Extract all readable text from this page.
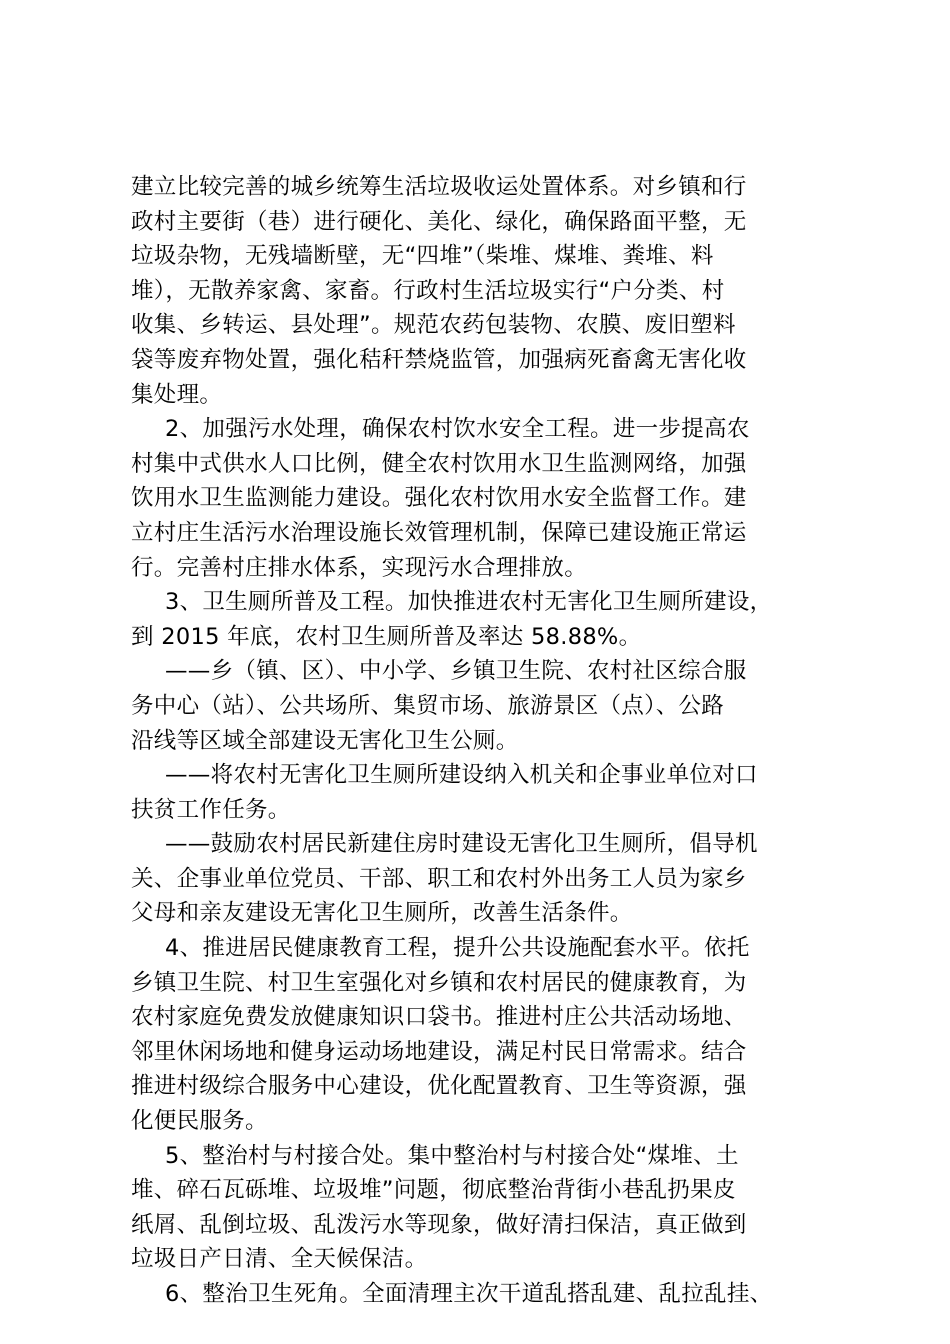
建立比较完善的城乡统筹生活垃圾收运处置体系。对乡镇和行
政村主要街（巷）进行硬化、美化、绿化，确保路面平整，无
垃圾杂物，无残墙断壁，无“四堆”（柴堆、煤堆、粪堆、料
堆），无散养家禽、家畜。行政村生活垃圾实行“户分类、村
收集、乡转运、县处理”。规范农药包装物、农膜、废旧塑料
袋等废弃物处置，强化秸秆禁烧监管，加强病死畜禽无害化收
集处理。
2、加强污水处理，确保农村饮水安全工程。进一步提高农
村集中式供水人口比例，健全农村饮用水卫生监测网络，加强
饮用水卫生监测能力建设。强化农村饮用水安全监督工作。建
立村庄生活污水治理设施长效管理机制，保障已建设施正常运
行。完善村庄排水体系，实现污水合理排放。
3、卫生厕所普及工程。加快推进农村无害化卫生厕所建设，
到 2015 年底，农村卫生厕所普及率达 58.88%。
——乡（镇、区）、中小学、乡镇卫生院、农村社区综合服
务中心（站）、公共场所、集贸市场、旅游景区（点）、公路
沿线等区域全部建设无害化卫生公厕。
——将农村无害化卫生厕所建设纳入机关和企事业单位对口
扶贫工作任务。
——鼓励农村居民新建住房时建设无害化卫生厕所，倡导机
关、企事业单位党员、干部、职工和农村外出务工人员为家乡
父母和亲友建设无害化卫生厕所，改善生活条件。
4、推进居民健康教育工程，提升公共设施配套水平。依托
乡镇卫生院、村卫生室强化对乡镇和农村居民的健康教育，为
农村家庭免费发放健康知识口袋书。推进村庄公共活动场地、
邻里休闲场地和健身运动场地建设，满足村民日常需求。结合
推进村级综合服务中心建设，优化配置教育、卫生等资源，强
化便民服务。
5、整治村与村接合处。集中整治村与村接合处“煤堆、土
堆、碎石瓦砾堆、垃圾堆”问题，彻底整治背街小巷乱扔果皮
纸屑、乱倒垃圾、乱泼污水等现象，做好清扫保洁，真正做到
垃圾日产日清、全天候保洁。
6、整治卫生死角。全面清理主次干道乱搭乱建、乱拉乱挂、
